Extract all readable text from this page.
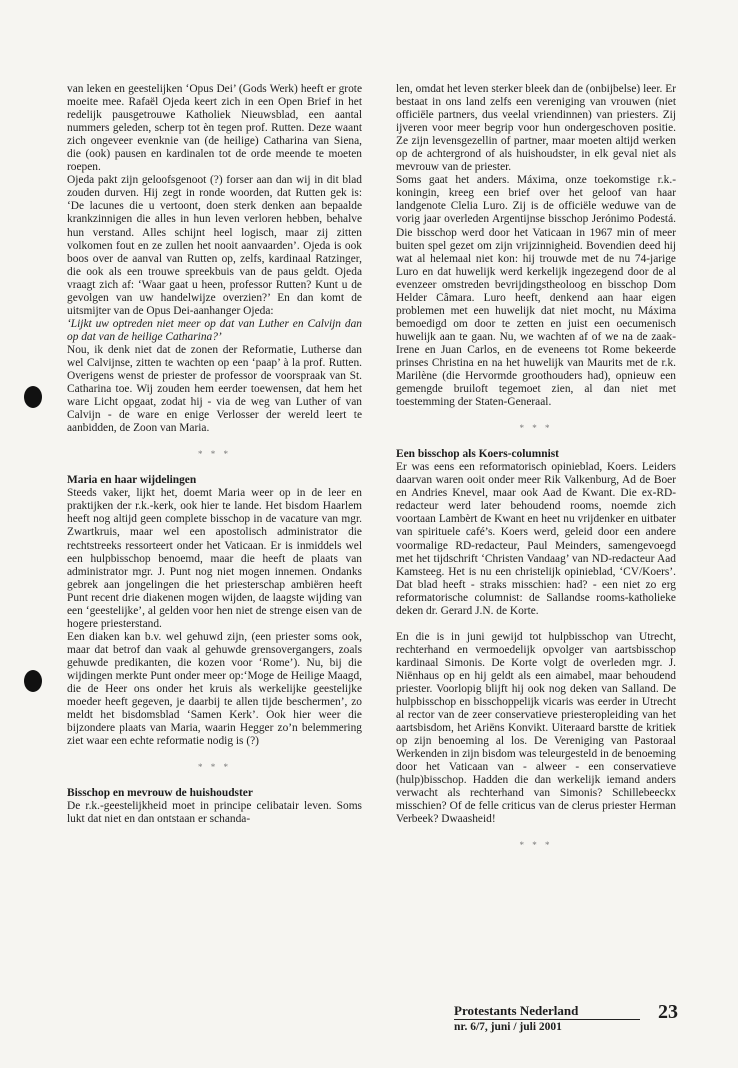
van leken en geestelijken ‘Opus Dei’ (Gods Werk) heeft er grote moeite mee. Rafaël Ojeda keert zich in een Open Brief in het redelijk pausgetrouwe Katholiek Nieuwsblad, een aantal nummers geleden, scherp tot èn tegen prof. Rutten. Deze waant zich ongeveer evenknie van (de heilige) Catharina van Siena, die (ook) pausen en kardinalen tot de orde meende te moeten roepen.

Ojeda pakt zijn geloofsgenoot (?) forser aan dan wij in dit blad zouden durven. Hij zegt in ronde woorden, dat Rutten gek is: ‘De lacunes die u vertoont, doen sterk denken aan bepaalde krankzinnigen die alles in hun leven verloren hebben, behalve hun verstand. Alles schijnt heel logisch, maar zij zitten volkomen fout en ze zullen het nooit aanvaarden’. Ojeda is ook boos over de aanval van Rutten op, zelfs, kardinaal Ratzinger, die ook als een trouwe spreekbuis van de paus geldt. Ojeda vraagt zich af: ‘Waar gaat u heen, professor Rutten? Kunt u de gevolgen van uw handelwijze overzien?’ En dan komt de uitsmijter van de Opus Dei-aanhanger Ojeda:

‘Lijkt uw optreden niet meer op dat van Luther en Calvijn dan op dat van de heilige Catharina?’

Nou, ik denk niet dat de zonen der Reformatie, Lutherse dan wel Calvijnse, zitten te wachten op een ‘paap’ à la prof. Rutten. Overigens wenst de priester de professor de voorspraak van St. Catharina toe. Wij zouden hem eerder toewensen, dat hem het ware Licht opgaat, zodat hij - via de weg van Luther of van Calvijn - de ware en enige Verlosser der wereld leert te aanbidden, de Zoon van Maria.

* * *

Maria en haar wijdelingen

Steeds vaker, lijkt het, doemt Maria weer op in de leer en praktijken der r.k.-kerk, ook hier te lande. Het bisdom Haarlem heeft nog altijd geen complete bisschop in de vacature van mgr. Zwartkruis, maar wel een apostolisch administrator die rechtstreeks ressorteert onder het Vaticaan. Er is inmiddels wel een hulpbisschop benoemd, maar die heeft de plaats van administrator mgr. J. Punt nog niet mogen innemen. Ondanks gebrek aan jongelingen die het priesterschap ambiëren heeft Punt recent drie diakenen mogen wijden, de laagste wijding van een ‘geestelijke’, al gelden voor hen niet de strenge eisen van de hogere priesterstand.

Een diaken kan b.v. wel gehuwd zijn, (een priester soms ook, maar dat betrof dan vaak al gehuwde grensovergangers, zoals gehuwde predikanten, die kozen voor ‘Rome’). Nu, bij die wijdingen merkte Punt onder meer op:‘Moge de Heilige Maagd, die de Heer ons onder het kruis als werkelijke geestelijke moeder heeft gegeven, je daarbij te allen tijde beschermen’, zo meldt het bisdomsblad ‘Samen Kerk’. Ook hier weer die bijzondere plaats van Maria, waarin Hegger zo’n belemmering ziet waar een echte reformatie nodig is (?)

* * *

Bisschop en mevrouw de huishoudster

De r.k.-geestelijkheid moet in principe celibatair leven. Soms lukt dat niet en dan ontstaan er schanda-

len, omdat het leven sterker bleek dan de (onbijbelse) leer. Er bestaat in ons land zelfs een vereniging van vrouwen (niet officiële partners, dus veelal vriendinnen) van priesters. Zij ijveren voor meer begrip voor hun ondergeschoven positie. Ze zijn levensgezellin of partner, maar moeten altijd werken op de achtergrond of als huishoudster, in elk geval niet als mevrouw van de priester.

Soms gaat het anders. Máxima, onze toekomstige r.k.-koningin, kreeg een brief over het geloof van haar landgenote Clelia Luro. Zij is de officiële weduwe van de vorig jaar overleden Argentijnse bisschop Jerónimo Podestá. Die bisschop werd door het Vaticaan in 1967 min of meer buiten spel gezet om zijn vrijzinnigheid. Bovendien deed hij wat al helemaal niet kon: hij trouwde met de nu 74-jarige Luro en dat huwelijk werd kerkelijk ingezegend door de al evenzeer omstreden bevrijdingstheoloog en bisschop Dom Helder Câmara. Luro heeft, denkend aan haar eigen problemen met een huwelijk dat niet mocht, nu Máxima bemoedigd om door te zetten en juist een oecumenisch huwelijk aan te gaan. Nu, we wachten af of we na de zaak-Irene en Juan Carlos, en de eveneens tot Rome bekeerde prinses Christina en na het huwelijk van Maurits met de r.k. Marilène (die Hervormde groothouders had), opnieuw een gemengde bruiloft tegemoet zien, al dan niet met toestemming der Staten-Generaal.

* * *

Een bisschop als Koers-columnist

Er was eens een reformatorisch opinieblad, Koers. Leiders daarvan waren ooit onder meer Rik Valkenburg, Ad de Boer en Andries Knevel, maar ook Aad de Kwant. Die ex-RD-redacteur werd later behoudend rooms, noemde zich voortaan Lambèrt de Kwant en heet nu vrijdenker en uitbater van spirituele café’s. Koers werd, geleid door een andere voormalige RD-redacteur, Paul Meinders, samengevoegd met het tijdschrift ‘Christen Vandaag’ van ND-redacteur Aad Kamsteeg. Het is nu een christelijk opinieblad, ‘CV/Koers’. Dat blad heeft - straks misschien: had? - een niet zo erg reformatorische columnist: de Sallandse rooms-katholieke deken dr. Gerard J.N. de Korte.

En die is in juni gewijd tot hulpbisschop van Utrecht, rechterhand en vermoedelijk opvolger van aartsbisschop kardinaal Simonis. De Korte volgt de overleden mgr. J. Niënhaus op en hij geldt als een aimabel, maar behoudend priester. Voorlopig blijft hij ook nog deken van Salland. De hulpbisschop en bisschoppelijk vicaris was eerder in Utrecht al rector van de zeer conservatieve priesteropleiding van het aartsbisdom, het Ariëns Konvikt. Uiteraard barstte de kritiek op zijn benoeming al los. De Vereniging van Pastoraal Werkenden in zijn bisdom was teleurgesteld in de benoeming door het Vaticaan van - alweer - een conservatieve (hulp)bisschop. Hadden die dan werkelijk iemand anders verwacht als rechterhand van Simonis? Schillebeeckx misschien? Of de felle criticus van de clerus priester Herman Verbeek? Dwaasheid!

* * *

Protestants Nederland
nr. 6/7, juni / juli 2001
23
